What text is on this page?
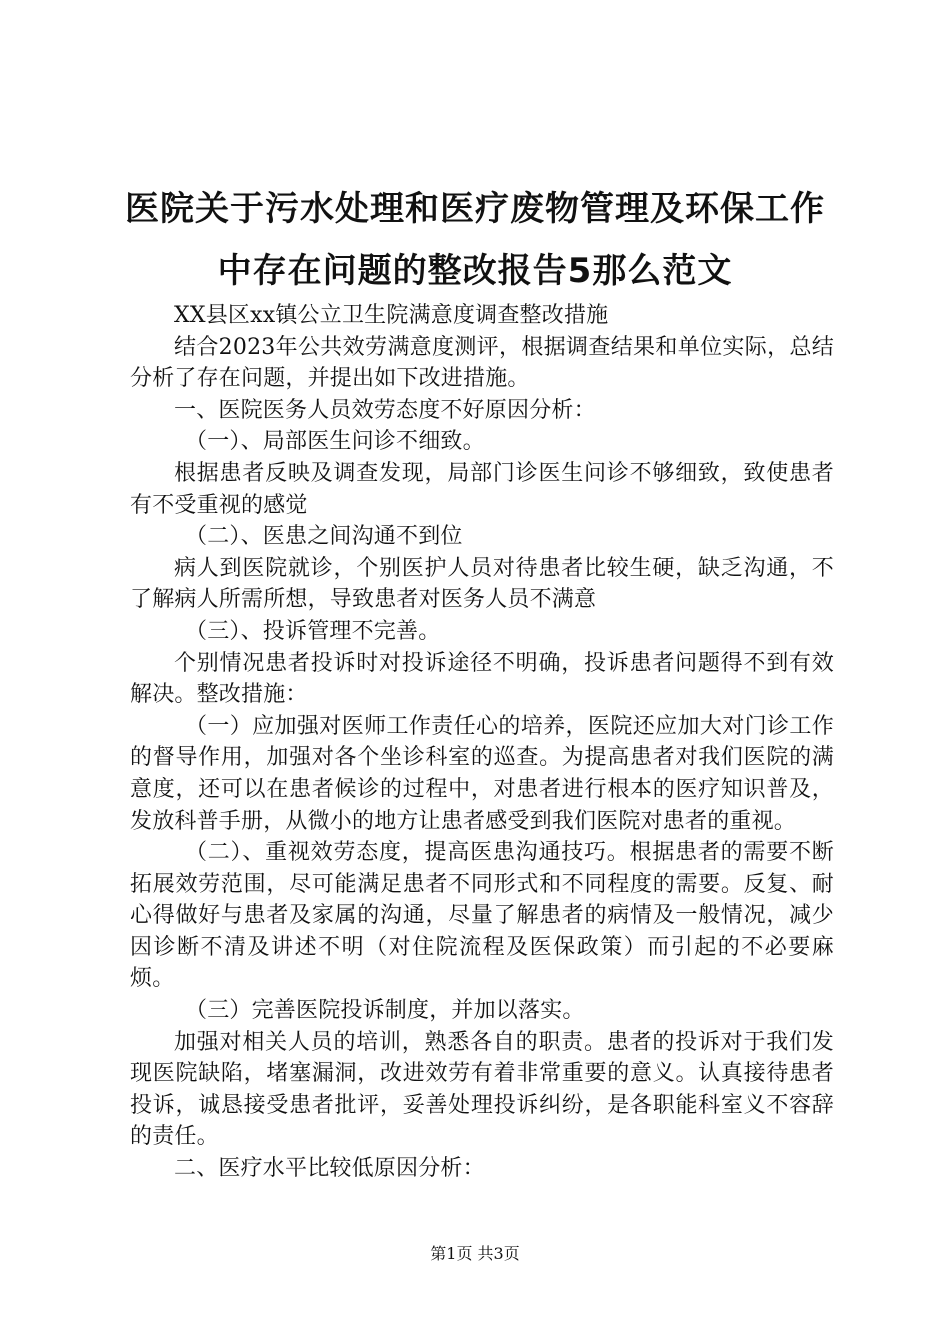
医院关于污水处理和医疗废物管理及环保工作
中存在问题的整改报告5那么范文

XX县区xx镇公立卫生院满意度调查整改措施

结合2023年公共效劳满意度测评，根据调查结果和单位实际，总结分析了存在问题，并提出如下改进措施。

一、医院医务人员效劳态度不好原因分析：

（一）、局部医生问诊不细致。

根据患者反映及调查发现，局部门诊医生问诊不够细致，致使患者有不受重视的感觉

（二）、医患之间沟通不到位

病人到医院就诊，个别医护人员对待患者比较生硬，缺乏沟通，不了解病人所需所想，导致患者对医务人员不满意

（三）、投诉管理不完善。

个别情况患者投诉时对投诉途径不明确，投诉患者问题得不到有效解决。整改措施：

（一）应加强对医师工作责任心的培养，医院还应加大对门诊工作的督导作用，加强对各个坐诊科室的巡查。为提高患者对我们医院的满意度，还可以在患者候诊的过程中，对患者进行根本的医疗知识普及，发放科普手册，从微小的地方让患者感受到我们医院对患者的重视。

（二）、重视效劳态度，提高医患沟通技巧。根据患者的需要不断拓展效劳范围，尽可能满足患者不同形式和不同程度的需要。反复、耐心得做好与患者及家属的沟通，尽量了解患者的病情及一般情况，减少因诊断不清及讲述不明（对住院流程及医保政策）而引起的不必要麻烦。

（三）完善医院投诉制度，并加以落实。

加强对相关人员的培训，熟悉各自的职责。患者的投诉对于我们发现医院缺陷，堵塞漏洞，改进效劳有着非常重要的意义。认真接待患者投诉，诚恳接受患者批评，妥善处理投诉纠纷，是各职能科室义不容辞的责任。

二、医疗水平比较低原因分析：

第1页 共3页
